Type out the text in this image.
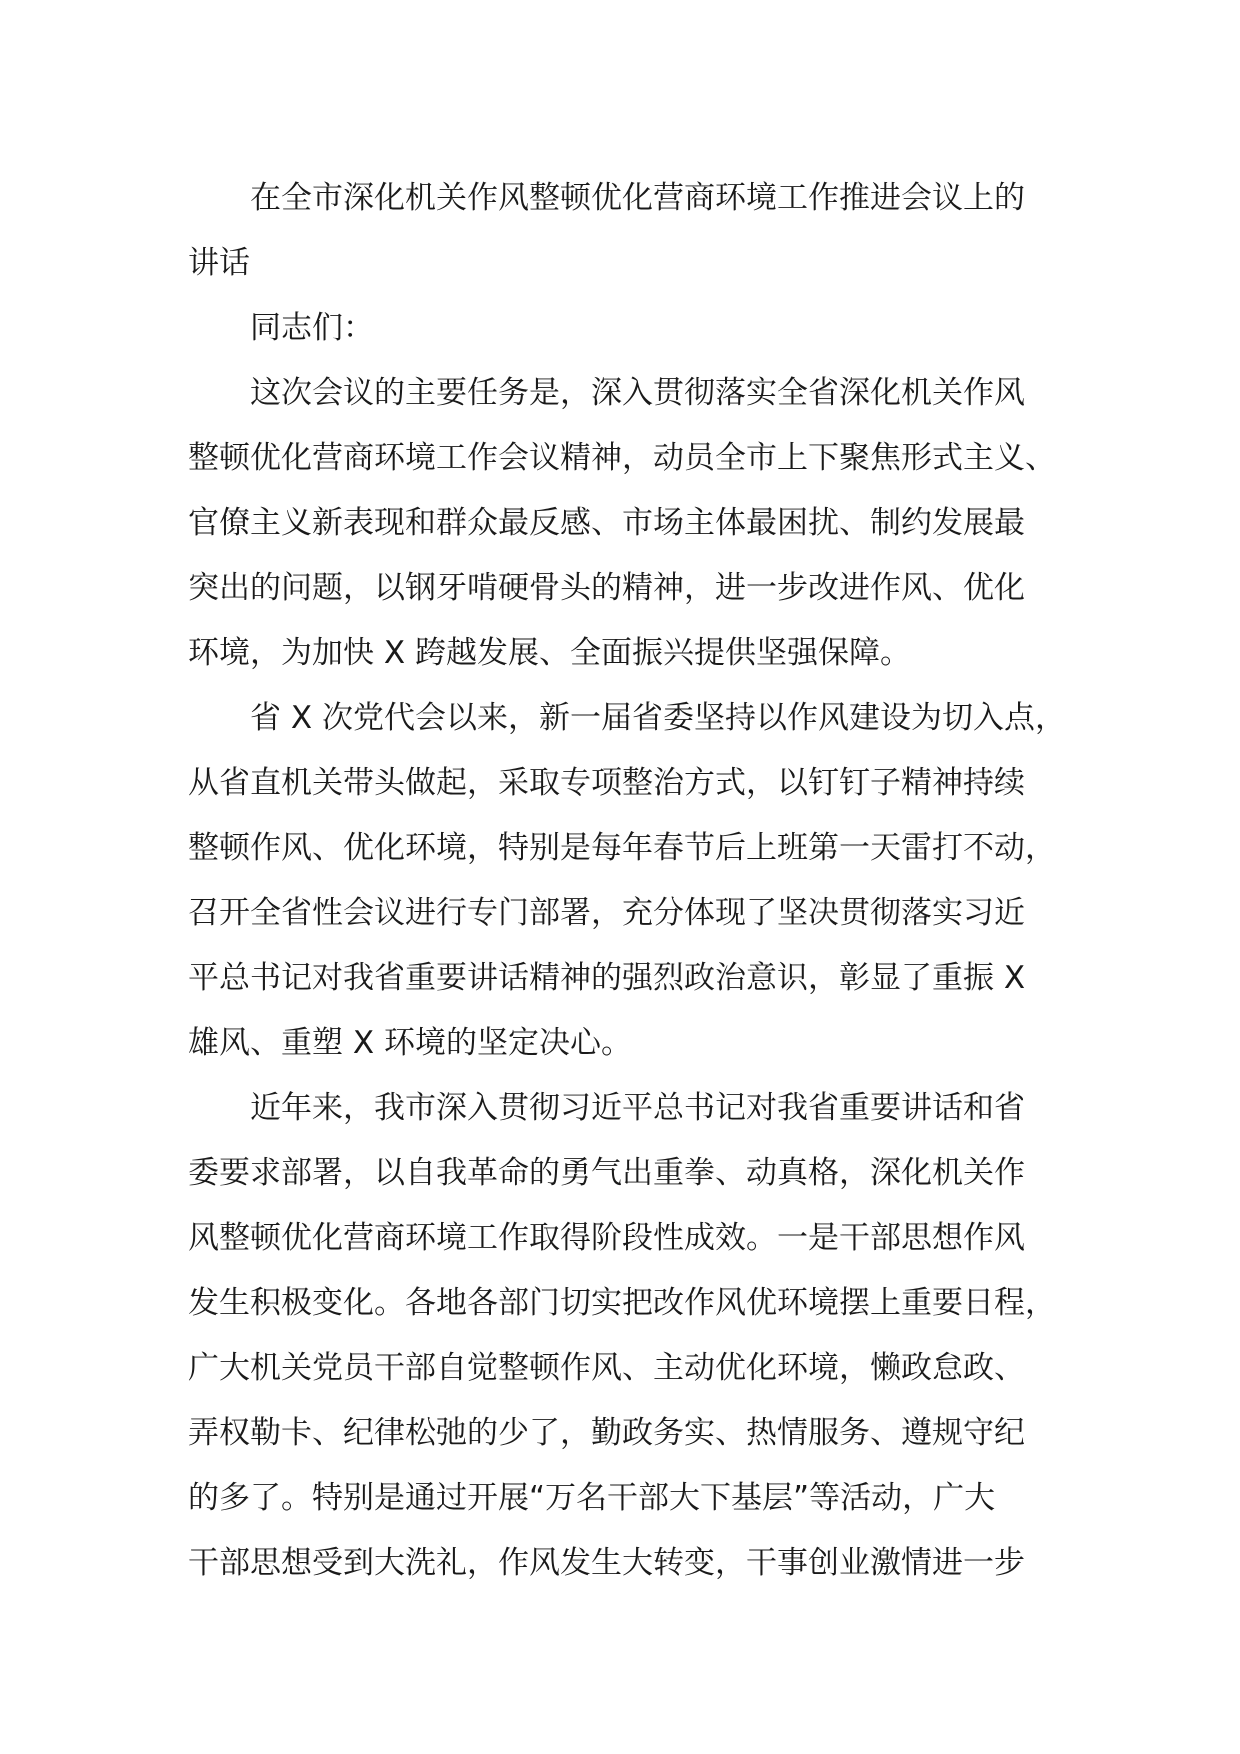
在全市深化机关作风整顿优化营商环境工作推进会议上的
讲话
同志们：
这次会议的主要任务是，深入贯彻落实全省深化机关作风
整顿优化营商环境工作会议精神，动员全市上下聚焦形式主义、
官僚主义新表现和群众最反感、市场主体最困扰、制约发展最
突出的问题，以钢牙啃硬骨头的精神，进一步改进作风、优化
环境，为加快 X 跨越发展、全面振兴提供坚强保障。
省 X 次党代会以来，新一届省委坚持以作风建设为切入点，
从省直机关带头做起，采取专项整治方式，以钉钉子精神持续
整顿作风、优化环境，特别是每年春节后上班第一天雷打不动，
召开全省性会议进行专门部署，充分体现了坚决贯彻落实习近
平总书记对我省重要讲话精神的强烈政治意识，彰显了重振 X
雄风、重塑 X 环境的坚定决心。
近年来，我市深入贯彻习近平总书记对我省重要讲话和省
委要求部署，以自我革命的勇气出重拳、动真格，深化机关作
风整顿优化营商环境工作取得阶段性成效。一是干部思想作风
发生积极变化。各地各部门切实把改作风优环境摆上重要日程，
广大机关党员干部自觉整顿作风、主动优化环境，懒政怠政、
弄权勒卡、纪律松弛的少了，勤政务实、热情服务、遵规守纪
的多了。特别是通过开展“万名干部大下基层”等活动，广大
干部思想受到大洗礼，作风发生大转变，干事创业激情进一步
